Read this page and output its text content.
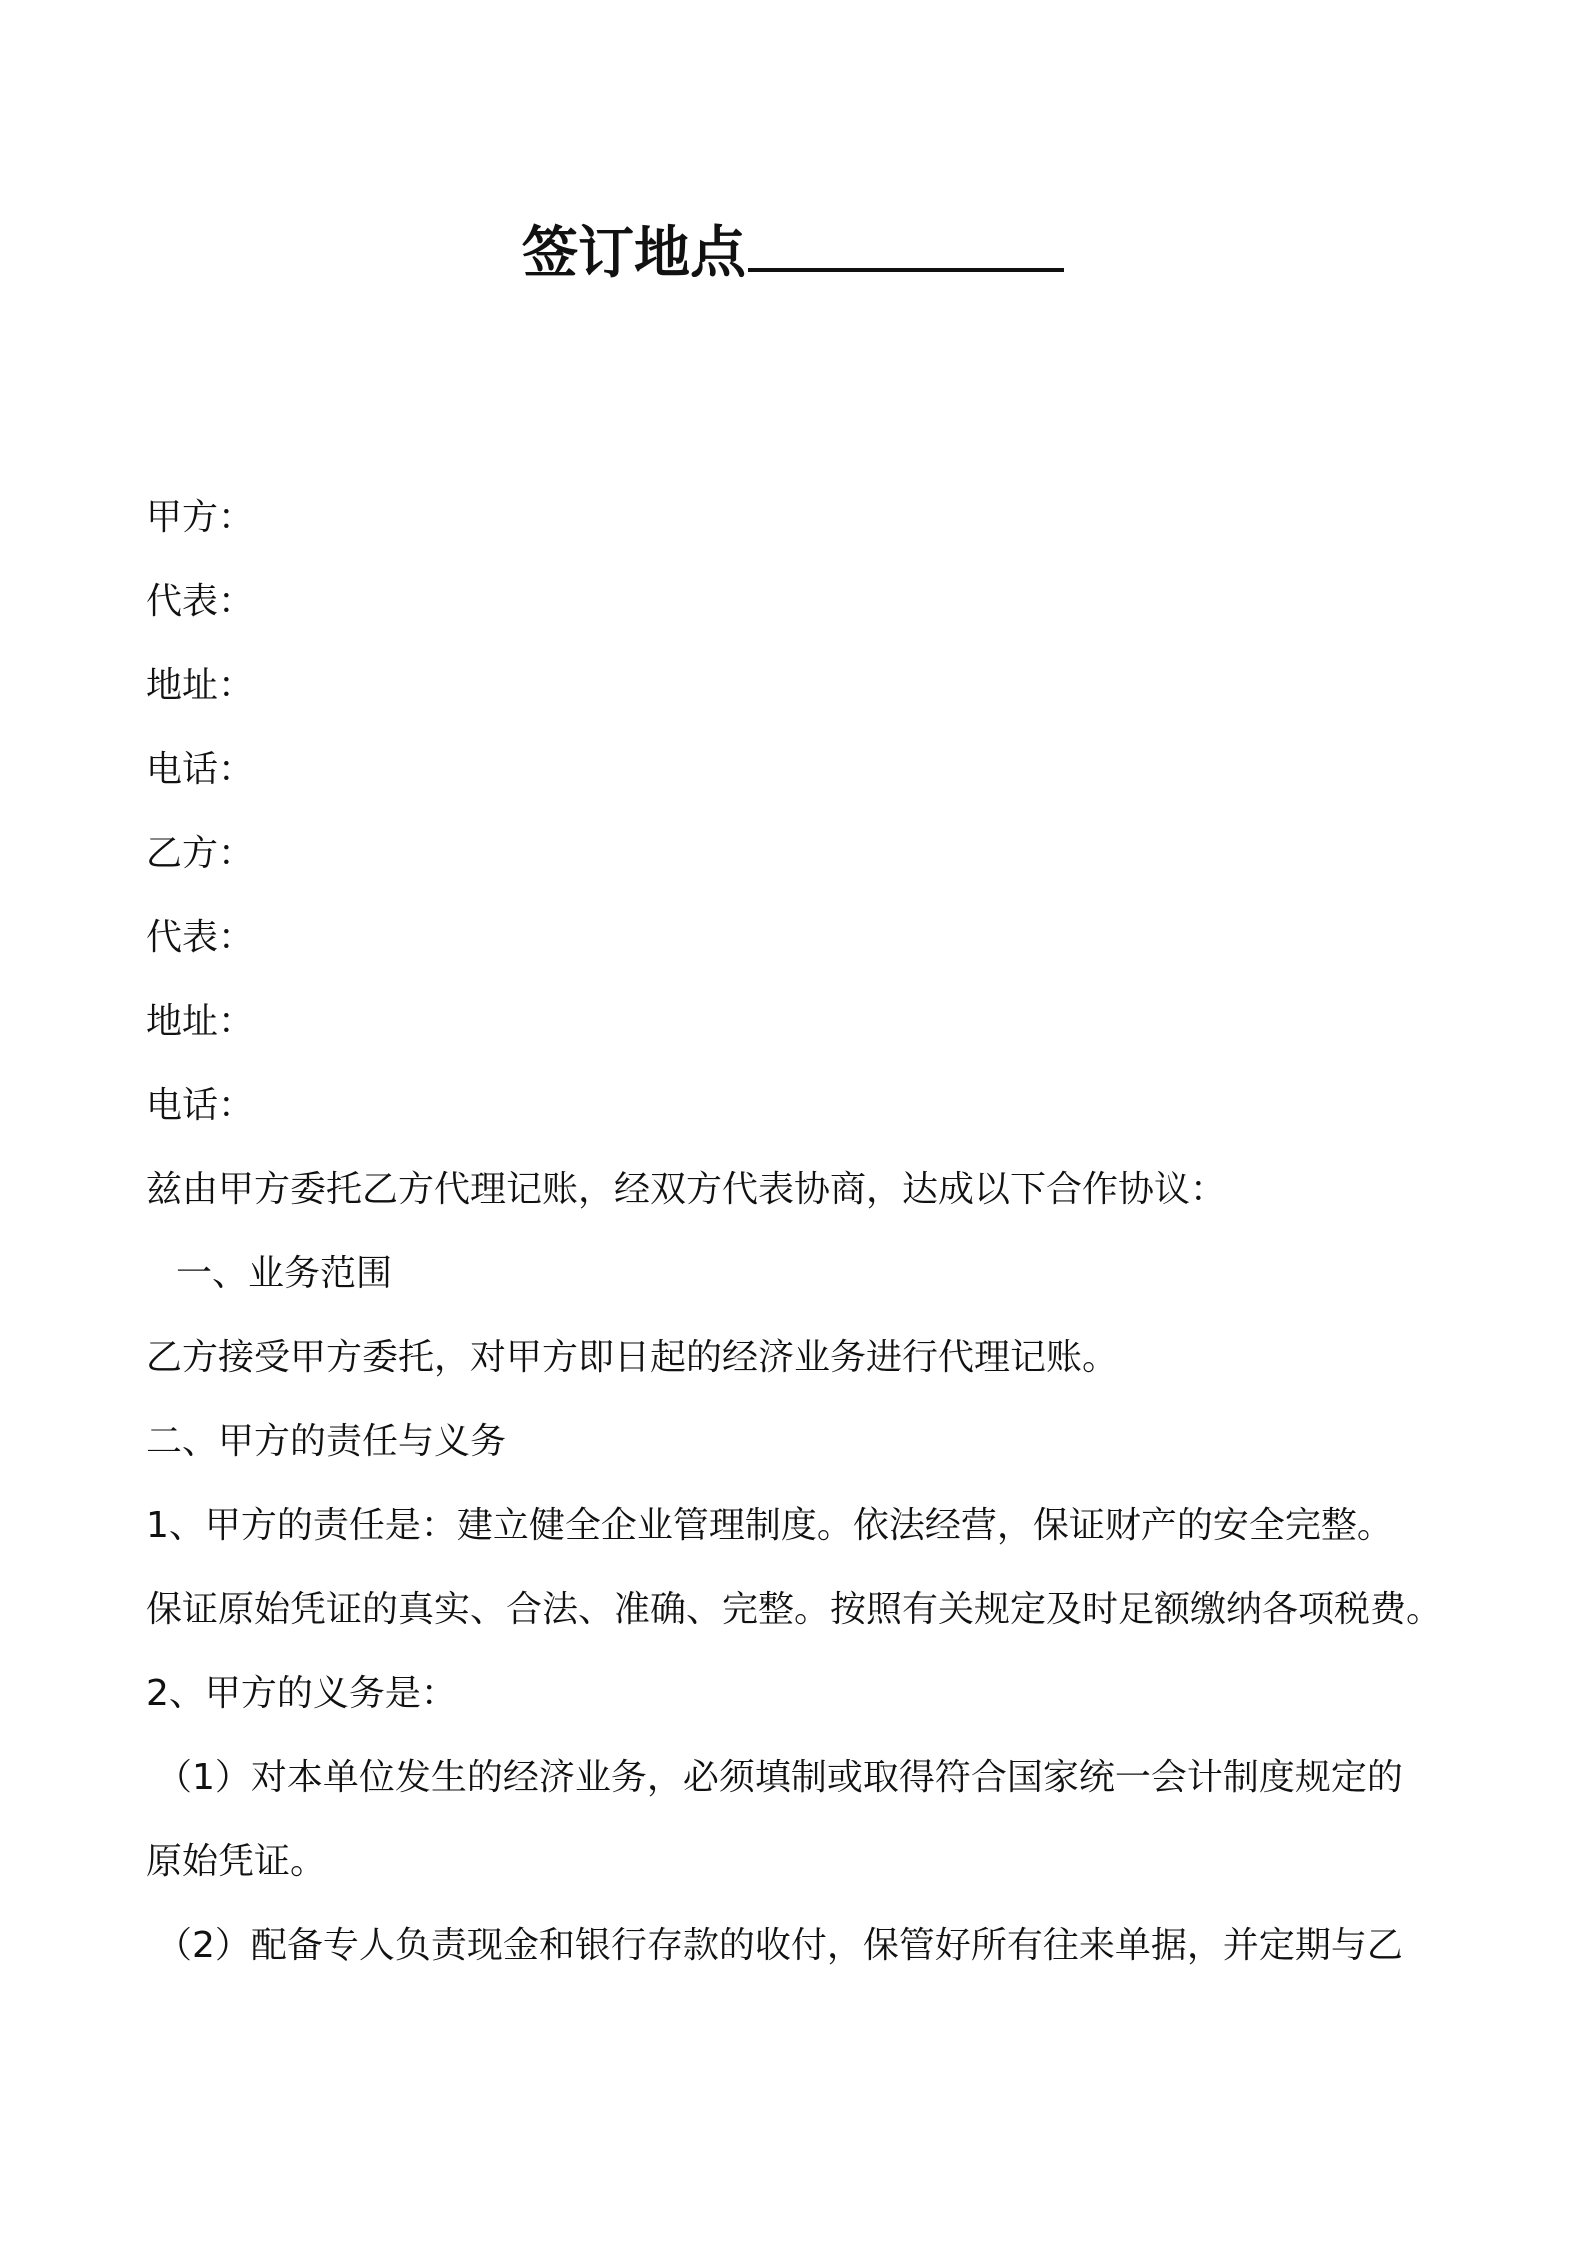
签订地点
甲方：
代表：
地址：
电话：
乙方：
代表：
地址：
电话：
兹由甲方委托乙方代理记账，经双方代表协商，达成以下合作协议：
一、业务范围
乙方接受甲方委托，对甲方即日起的经济业务进行代理记账。
二、甲方的责任与义务
1、甲方的责任是：建立健全企业管理制度。依法经营，保证财产的安全完整。
保证原始凭证的真实、合法、准确、完整。按照有关规定及时足额缴纳各项税费。
2、甲方的义务是：
（1）对本单位发生的经济业务，必须填制或取得符合国家统一会计制度规定的
原始凭证。
（2）配备专人负责现金和银行存款的收付，保管好所有往来单据，并定期与乙
